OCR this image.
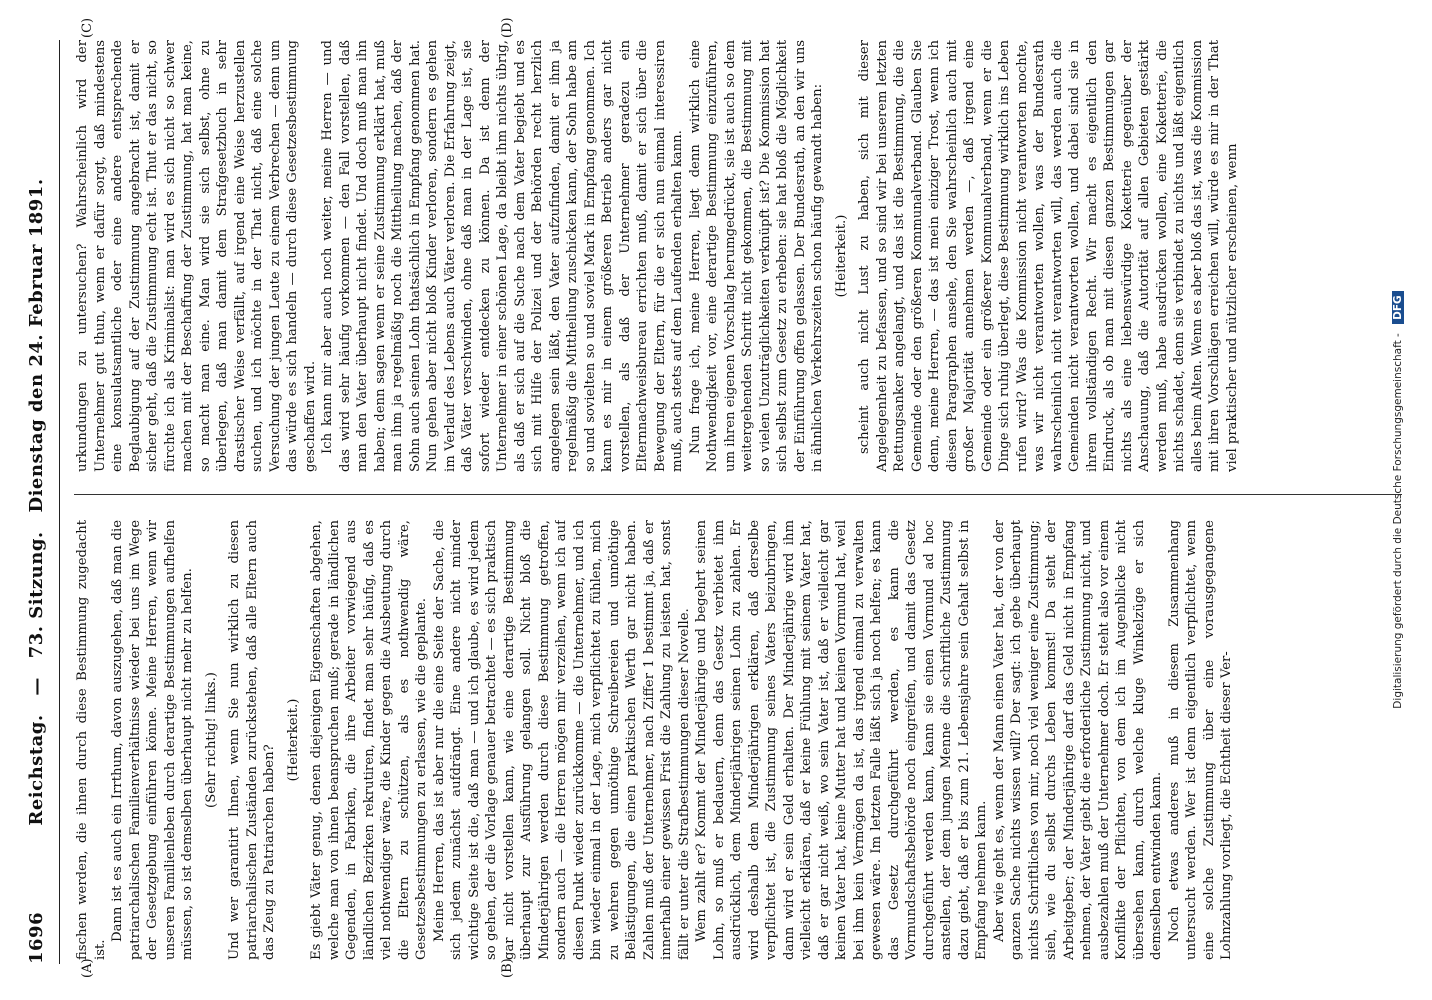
1696
Reichstag. — 73. Sitzung. Dienstag den 24. Februar 1891.
(A)	(B)
(C)	(D)

fischen werden, die ihnen durch diese Bestimmung zugedacht ist.

Dann ist es auch ein Irrthum, davon auszugehen, daß man die patriarchalischen Familienverhältnisse wieder bei uns im Wege der Gesetzgebung einführen könne. Meine Herren, wenn wir unseren Familienleben durch derartige Bestimmungen aufhelfen müssen, so ist demselben überhaupt nicht mehr zu helfen. (Sehr richtig! links.) Und wer garantirt Ihnen, wenn Sie nun wirklich zu diesen patriarchalischen Zuständen zurückstehen, daß alle Eltern auch das Zeug zu Patriarchen haben?

(Heiterkeit.) Es giebt Väter genug, denen diejenigen Eigenschaften abgehen, welche man von ihnen beanspruchen muß; gerade in ländlichen Gegenden, in Fabriken, die ihre Arbeiter vorwiegend aus ländlichen Bezirken rekrutiren, findet man sehr häufig, daß es viel nothwendiger wäre, die Kinder gegen die Ausbeutung durch die Eltern zu schützen, als es nothwendig wäre, Gesetzesbestimmungen zu erlassen, wie die geplante. Meine Herren, das ist aber nur die eine Seite der Sache, die sich jedem zunächst aufdrängt. Eine andere nicht minder wichtige Seite ist die, daß man — und ich glaube, es wird jedem so gehen, der die Vorlage genauer betrachtet — es sich praktisch gar nicht vorstellen kann, wie eine derartige Bestimmung überhaupt zur Ausführung gelangen soll. Nicht bloß die Minderjährigen werden durch diese Bestimmung getroffen, sondern auch — die Herren mögen mir verzeihen, wenn ich auf diesen Punkt wieder zurückkomme — die Unternehmer, und ich bin wieder einmal in der Lage, mich verpflichtet zu fühlen, mich zu wehren gegen unnöthige Schreibereien und unnöthige Belästigungen, die einen praktischen Werth gar nicht haben. Zahlen muß der Unternehmer, nach Ziffer 1 bestimmt ja, daß er innerhalb einer gewissen Frist die Zahlung zu leisten hat, sonst fällt er unter die Strafbestimmungen dieser Novelle. Wem zahlt er? Kommt der Minderjährige und begehrt seinen Lohn, so muß er bedauern, denn das Gesetz verbietet ihm ausdrücklich, dem Minderjährigen seinen Lohn zu zahlen. Er wird deshalb dem Minderjährigen erklären, daß derselbe verpflichtet ist, die Zustimmung seines Vaters beizubringen, dann wird er sein Geld erhalten. Der Minderjährige wird ihm vielleicht erklären, daß er keine Fühlung mit seinem Vater hat, daß er gar nicht weiß, wo sein Vater ist, daß er vielleicht gar keinen Vater hat, keine Mutter hat und keinen Vormund hat, weil bei ihm kein Vermögen da ist, das irgend einmal zu verwalten gewesen wäre. Im letzten Falle läßt sich ja noch helfen; es kann das Gesetz durchgeführt werden, es kann die Vormundschaftsbehörde noch eingreifen, und damit das Gesetz durchgeführt werden kann, kann sie einen Vormund ad hoc anstellen, der dem jungen Menne die schriftliche Zustimmung dazu giebt, daß er bis zum 21. Lebensjahre sein Gehalt selbst in Empfang nehmen kann. Aber wie geht es, wenn der Mann einen Vater hat, der von der ganzen Sache nichts wissen will? Der sagt: ich gebe überhaupt nichts Schriftliches von mir, noch viel weniger eine Zustimmung; sieh, wie du selbst durchs Leben kommst! Da steht der Arbeitgeber; der Minderjährige darf das Geld nicht in Empfang nehmen, der Vater giebt die erforderliche Zustimmung nicht, und ausbezahlen muß der Unternehmer doch. Er steht also vor einem Konflikte der Pflichten, von dem ich im Augenblicke nicht übersehen kann, durch welche kluge Winkelzüge er sich demselben entwinden kann. Noch etwas anderes muß in diesem Zusammenhang untersucht werden. Wer ist denn eigentlich verpflichtet, wenn eine solche Zustimmung über eine vorausgegangene Lohnzahlung vorliegt, die Echtheit dieser Ver-

urkundungen zu untersuchen? Wahrscheinlich wird der Unternehmer gut thun, wenn er dafür sorgt, daß mindestens eine konsulatsamtliche oder eine andere entsprechende Beglaubigung auf der Zustimmung angebracht ist, damit er sicher geht, daß die Zustimmung echt ist. Thut er das nicht, so fürchte ich als Kriminalist: man wird es sich nicht so schwer machen mit der Beschaffung der Zustimmung, hat man keine, so macht man eine. Man wird sie sich selbst, ohne zu überlegen, daß man damit dem Strafgesetzbuch in sehr drastischer Weise verfällt, auf irgend eine Weise herzustellen suchen, und ich möchte in der That nicht, daß eine solche Versuchung der jungen Leute zu einem Verbrechen — denn um das würde es sich handeln — durch diese Gesetzesbestimmung geschaffen wird. Ich kann mir aber auch noch weiter, meine Herren — und das wird sehr häufig vorkommen — den Fall vorstellen, daß man den Vater überhaupt nicht findet. Und doch muß man ihn haben; denn sagen wenn er seine Zustimmung erklärt hat, muß man ihm ja regelmäßig noch die Mittheilung machen, daß der Sohn auch seinen Lohn thatsächlich in Empfang genommen hat. Nun gehen aber nicht bloß Kinder verloren, sondern es gehen im Verlauf des Lebens auch Väter verloren. Die Erfahrung zeigt, daß Väter verschwinden, ohne daß man in der Lage ist, sie sofort wieder entdecken zu können. Da ist denn der Unternehmer in einer schönen Lage, da bleibt ihm nichts übrig, als daß er sich auf die Suche nach dem Vater begiebt und es sich mit Hilfe der Polizei und der Behörden recht herzlich angelegen sein läßt, den Vater aufzufinden, damit er ihm ja regelmäßig die Mittheilung zuschicken kann, der Sohn habe am so und sovielten so und soviel Mark in Empfang genommen. Ich kann es mir in einem größeren Betrieb anders gar nicht vorstellen, als daß der Unternehmer geradezu ein Elternnachweisbureau errichten muß, damit er sich über die Bewegung der Eltern, für die er sich nun einmal interessiren muß, auch stets auf dem Laufenden erhalten kann. Nun frage ich, meine Herren, liegt denn wirklich eine Nothwendigkeit vor, eine derartige Bestimmung einzuführen, um ihren eigenen Vorschlag herumgedrückt, sie ist auch so dem weitergehenden Schritt nicht gekommen, die Bestimmung mit so vielen Unzuträglichkeiten verknüpft ist? Die Kommission hat sich selbst zum Gesetz zu erheben: sie hat bloß die Möglichkeit der Einführung offen gelassen. Der Bundesrath, an den wir uns in ähnlichen Verkehrszeiten schon häufig gewandt haben: (Heiterkeit.) scheint auch nicht Lust zu haben, sich mit dieser Angelegenheit zu befassen, und so sind wir bei unserem letzten Rettungsanker angelangt, und das ist die Bestimmung, die die Gemeinde oder den größeren Kommunalverband. Glauben Sie denn, meine Herren, — das ist mein einziger Trost, wenn ich diesen Paragraphen ansehe, den Sie wahrscheinlich auch mit großer Majorität annehmen werden —, daß irgend eine Gemeinde oder ein größerer Kommunalverband, wenn er die Dinge sich ruhig überlegt, diese Bestimmung wirklich ins Leben rufen wird? Was die Kommission nicht verantworten mochte, was wir nicht verantworten wollen, was der Bundesrath wahrscheinlich nicht verantworten will, das werden auch die Gemeinden nicht verantworten wollen, und dabei sind sie in ihrem vollständigen Recht. Wir macht es eigentlich den Eindruck, als ob man mit diesen ganzen Bestimmungen gar nichts als eine liebenswürdige Koketterie gegenüber der Anschauung, daß die Autorität auf allen Gebieten gestärkt werden muß, habe ausdrücken wollen, eine Koketterie, die nichts schadet, denn sie verbindet zu nichts und läßt eigentlich alles beim Alten. Wenn es aber bloß das ist, was die Kommission mit ihren Vorschlägen erreichen will, würde es mir in der That viel praktischer und nützlicher erscheinen, wenn

Digitalisierung gefördert durch die Deutsche Forschungsgemeinschaft - DFG
